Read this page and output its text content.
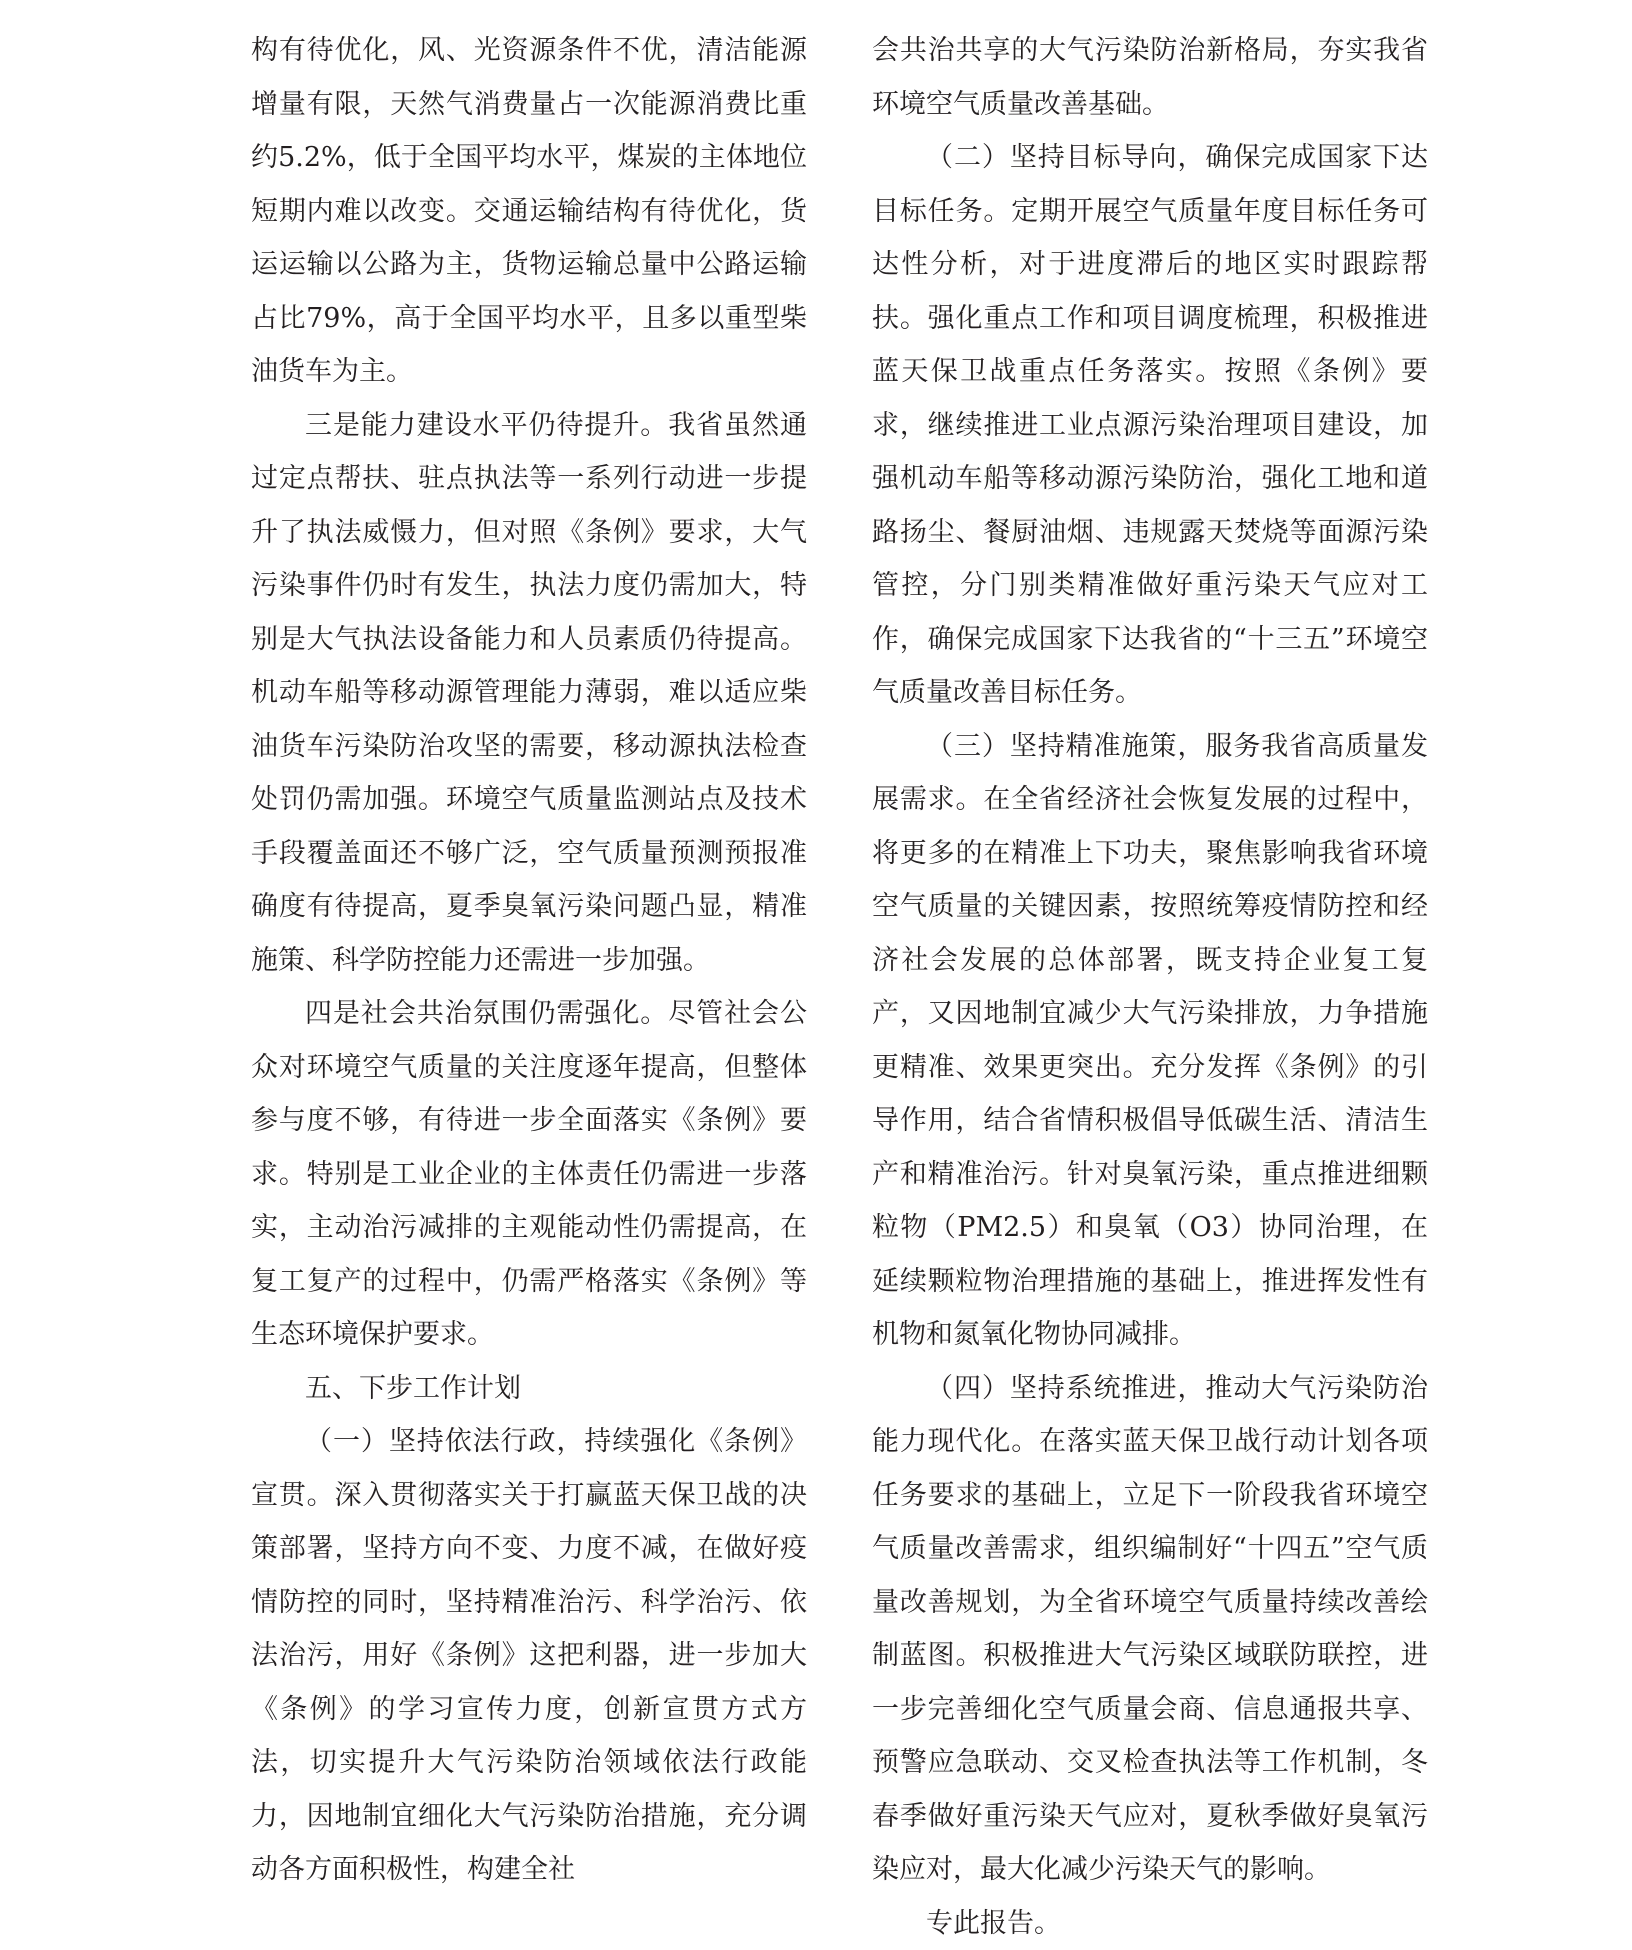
构有待优化，风、光资源条件不优，清洁能源增量有限，天然气消费量占一次能源消费比重约5.2%，低于全国平均水平，煤炭的主体地位短期内难以改变。交通运输结构有待优化，货运运输以公路为主，货物运输总量中公路运输占比79%，高于全国平均水平，且多以重型柴油货车为主。

三是能力建设水平仍待提升。我省虽然通过定点帮扶、驻点执法等一系列行动进一步提升了执法威慑力，但对照《条例》要求，大气污染事件仍时有发生，执法力度仍需加大，特别是大气执法设备能力和人员素质仍待提高。机动车船等移动源管理能力薄弱，难以适应柴油货车污染防治攻坚的需要，移动源执法检查处罚仍需加强。环境空气质量监测站点及技术手段覆盖面还不够广泛，空气质量预测预报准确度有待提高，夏季臭氧污染问题凸显，精准施策、科学防控能力还需进一步加强。

四是社会共治氛围仍需强化。尽管社会公众对环境空气质量的关注度逐年提高，但整体参与度不够，有待进一步全面落实《条例》要求。特别是工业企业的主体责任仍需进一步落实，主动治污减排的主观能动性仍需提高，在复工复产的过程中，仍需严格落实《条例》等生态环境保护要求。

五、下步工作计划

（一）坚持依法行政，持续强化《条例》宣贯。深入贯彻落实关于打赢蓝天保卫战的决策部署，坚持方向不变、力度不减，在做好疫情防控的同时，坚持精准治污、科学治污、依法治污，用好《条例》这把利器，进一步加大《条例》的学习宣传力度，创新宣贯方式方法，切实提升大气污染防治领域依法行政能力，因地制宜细化大气污染防治措施，充分调动各方面积极性，构建全社

会共治共享的大气污染防治新格局，夯实我省环境空气质量改善基础。

（二）坚持目标导向，确保完成国家下达目标任务。定期开展空气质量年度目标任务可达性分析，对于进度滞后的地区实时跟踪帮扶。强化重点工作和项目调度梳理，积极推进蓝天保卫战重点任务落实。按照《条例》要求，继续推进工业点源污染治理项目建设，加强机动车船等移动源污染防治，强化工地和道路扬尘、餐厨油烟、违规露天焚烧等面源污染管控，分门别类精准做好重污染天气应对工作，确保完成国家下达我省的“十三五”环境空气质量改善目标任务。

（三）坚持精准施策，服务我省高质量发展需求。在全省经济社会恢复发展的过程中，将更多的在精准上下功夫，聚焦影响我省环境空气质量的关键因素，按照统筹疫情防控和经济社会发展的总体部署，既支持企业复工复产，又因地制宜减少大气污染排放，力争措施更精准、效果更突出。充分发挥《条例》的引导作用，结合省情积极倡导低碳生活、清洁生产和精准治污。针对臭氧污染，重点推进细颗粒物（PM2.5）和臭氧（O3）协同治理，在延续颗粒物治理措施的基础上，推进挥发性有机物和氮氧化物协同减排。

（四）坚持系统推进，推动大气污染防治能力现代化。在落实蓝天保卫战行动计划各项任务要求的基础上，立足下一阶段我省环境空气质量改善需求，组织编制好“十四五”空气质量改善规划，为全省环境空气质量持续改善绘制蓝图。积极推进大气污染区域联防联控，进一步完善细化空气质量会商、信息通报共享、预警应急联动、交叉检查执法等工作机制，冬春季做好重污染天气应对，夏秋季做好臭氧污染应对，最大化减少污染天气的影响。

专此报告。
